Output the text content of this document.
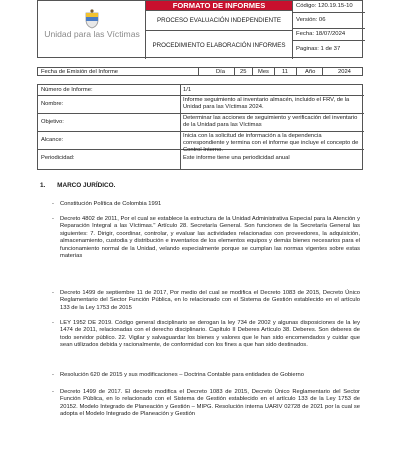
Unidad para las Víctimas
FORMATO DE INFORMES
PROCESO EVALUACIÓN INDEPENDIENTE
PROCEDIMIENTO ELABORACIÓN INFORMES
Código: 120.19.15-10
Versión: 06
Fecha: 18/07/2024
Paginas: 1 de 37
Fecha de Emisión del Informe	Día	25 Mes 11	Año	2024
Número de Informe:	1/1
Nombre:
Informe seguimiento al inventario almacén, incluido el FRV, de la Unidad para las Víctimas 2024.
Objetivo:
Determinar las acciones de seguimiento y verificación del inventario de la Unidad para las Víctimas
Alcance:
Inicia con la solicitud de información a la dependencia correspondiente y termina con el informe que incluye el concepto de Control Interno.
Periodicidad:	Este informe tiene una periodicidad anual
1. MARCO JURÍDICO.
- Constitución Política de Colombia 1991
- Decreto 4802 de 2011, Por el cual se establece la estructura de la Unidad Administrativa Especial para la Atención y Reparación Integral a las Víctimas." Artículo 28. Secretaría General. Son funciones de la Secretaría General las siguientes: 7. Dirigir, coordinar, controlar, y evaluar las actividades relacionadas con proveedores, la adquisición, almacenamiento, custodia y distribución e inventarios de los elementos equipos y demás bienes necesarios para el funcionamiento normal de la Unidad, velando especialmente porque se cumplan las normas vigentes sobre estas materias
- Decreto 1499 de septiembre 11 de 2017, Por medio del cual se modifica el Decreto 1083 de 2015, Decreto Único Reglamentario del Sector Función Pública, en lo relacionado con el Sistema de Gestión establecido en el artículo 133 de la Ley 1753 de 2015
- LEY 1952 DE 2019. Código general disciplinario se derogan la ley 734 de 2002 y algunas disposiciones de la ley 1474 de 2011, relacionadas con el derecho disciplinario. Capítulo II Deberes Artículo 38. Deberes. Son deberes de todo servidor público. 22. Vigilar y salvaguardar los bienes y valores que le han sido encomendados y cuidar que sean utilizados debida y racionalmente, de conformidad con los fines a que han sido destinados.
- Resolución 620 de 2015 y sus modificaciones – Doctrina Contable para entidades de Gobierno
- Decreto 1499 de 2017. El decreto modifica el Decreto 1083 de 2015, Decreto Único Reglamentario del Sector Función Pública, en lo relacionado con el Sistema de Gestión establecido en el artículo 133 de la Ley 1753 de 20152. Modelo Integrado de Planeación y Gestión – MIPG. Resolución interna UARIV 02728 de 2021 por la cual se adopta el Modelo Integrado de Planeación y Gestión
